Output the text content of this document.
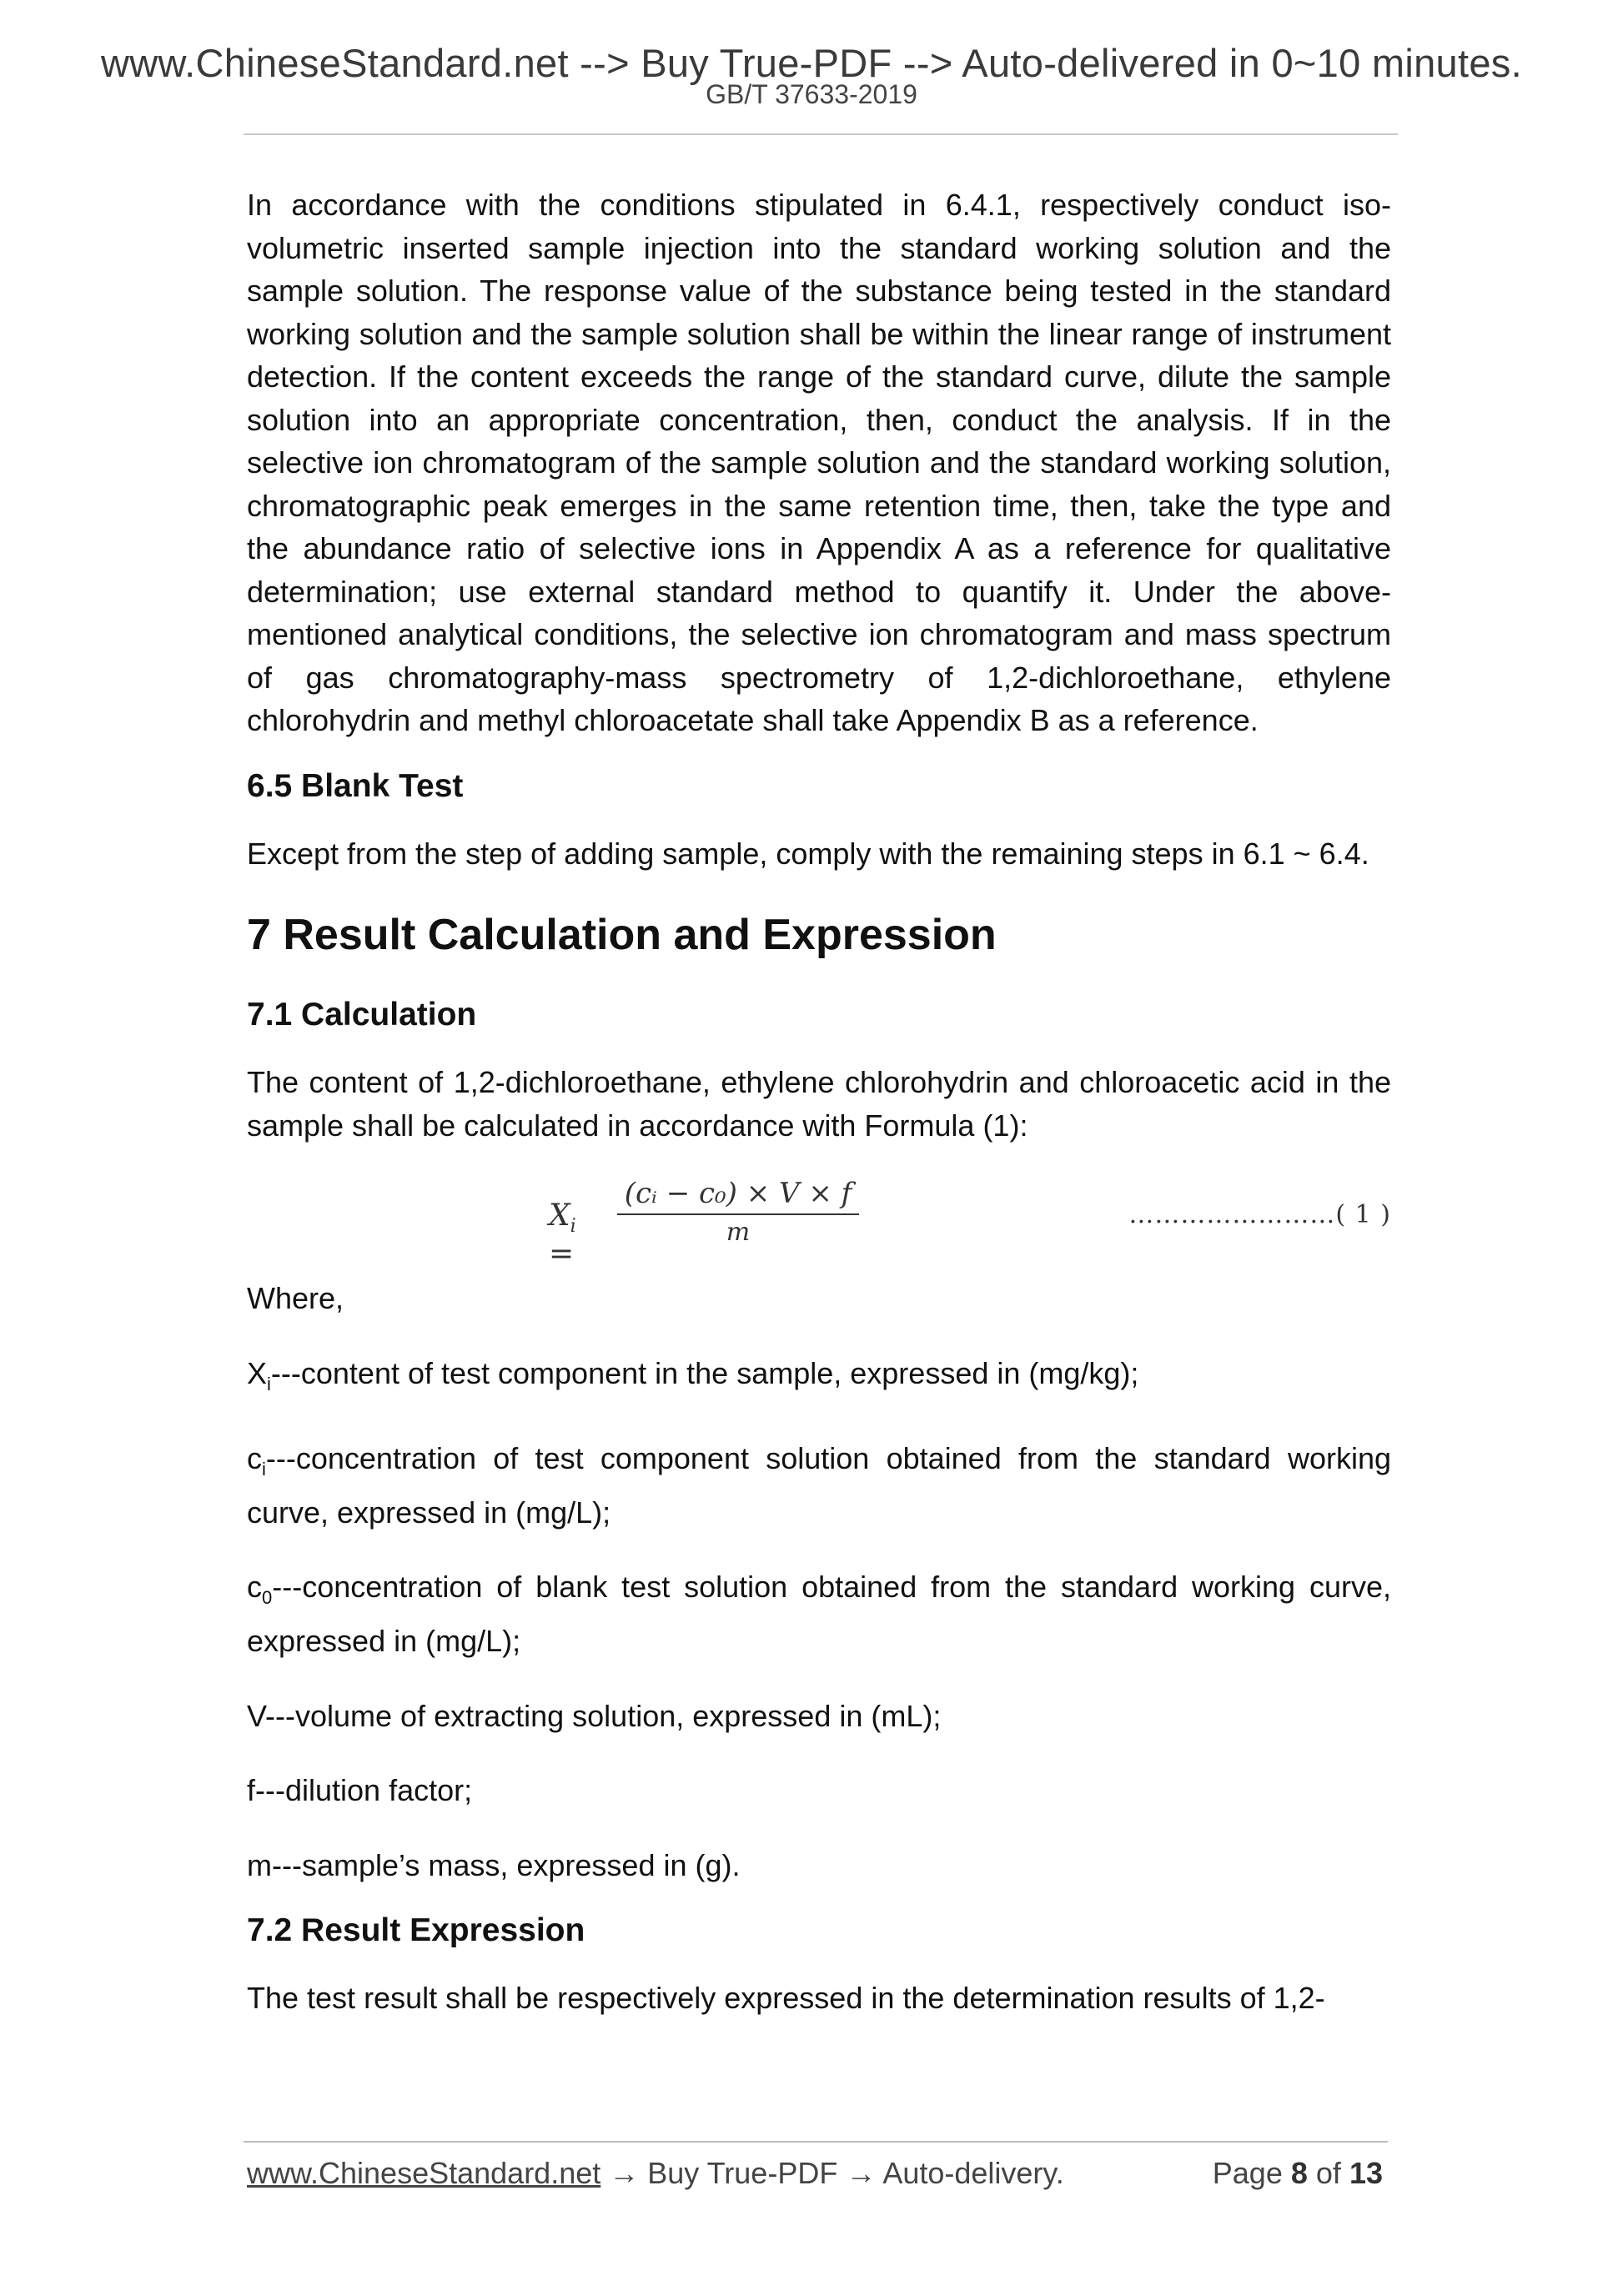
www.ChineseStandard.net --> Buy True-PDF --> Auto-delivered in 0~10 minutes.
GB/T 37633-2019

In accordance with the conditions stipulated in 6.4.1, respectively conduct iso-volumetric inserted sample injection into the standard working solution and the sample solution. The response value of the substance being tested in the standard working solution and the sample solution shall be within the linear range of instrument detection. If the content exceeds the range of the standard curve, dilute the sample solution into an appropriate concentration, then, conduct the analysis. If in the selective ion chromatogram of the sample solution and the standard working solution, chromatographic peak emerges in the same retention time, then, take the type and the abundance ratio of selective ions in Appendix A as a reference for qualitative determination; use external standard method to quantify it. Under the above-mentioned analytical conditions, the selective ion chromatogram and mass spectrum of gas chromatography-mass spectrometry of 1,2-dichloroethane, ethylene chlorohydrin and methyl chloroacetate shall take Appendix B as a reference.

6.5 Blank Test

Except from the step of adding sample, comply with the remaining steps in 6.1 ~ 6.4.

7 Result Calculation and Expression
7.1 Calculation

The content of 1,2-dichloroethane, ethylene chlorohydrin and chloroacetic acid in the sample shall be calculated in accordance with Formula (1):

$X_i$ =
(cᵢ − c₀) × V × f
m
……………………( 1 )

Where,

$X_i--$-content of test component in the sample, expressed in (mg/kg);

$c_i--$-concentration of test component solution obtained from the standard working curve, expressed in (mg/L);

$c_0--$-concentration of blank test solution obtained from the standard working curve, expressed in (mg/L);

V---volume of extracting solution, expressed in (mL);

f---dilution factor;

m---sample’s mass, expressed in (g).

7.2 Result Expression

The test result shall be respectively expressed in the determination results of 1,2-

www.ChineseStandard.net → Buy True-PDF → Auto-delivery.	Page 8 of 13
